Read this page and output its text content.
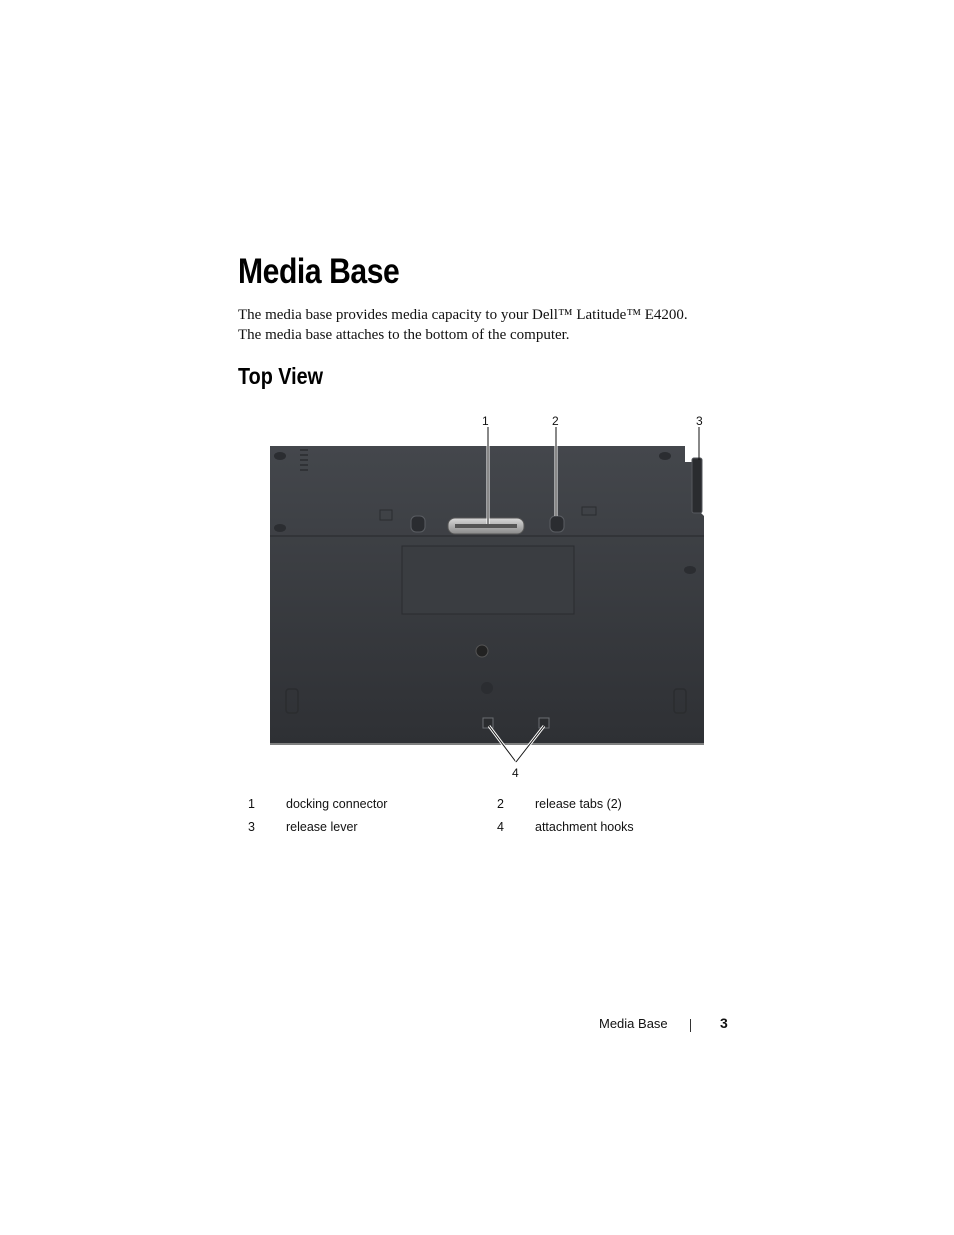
Media Base

The media base provides media capacity to your Dell™ Latitude™ E4200.
The media base attaches to the bottom of the computer.

Top View
1	2	3
4
1	docking connector	2	release tabs (2)
3	release lever	4	attachment hooks
Media Base	3
